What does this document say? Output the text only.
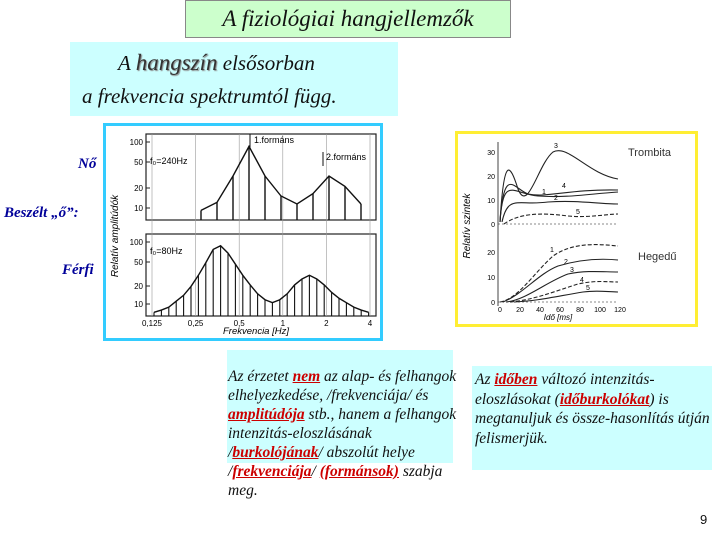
A fiziológiai hangjellemzők
A hangszín elsősorban
a frekvencia spektrumtól függ.
Relatív amplitúdók
100
50
20
10
100
50
20
10
1.formáns
2.formáns
f₀=240Hz
f₀=80Hz
0,125	0,25	0,5	1	2	4
Frekvencia [Hz]
Nő
Beszélt „ő”:
Férfi
Relatív szintek
30
20
10
0
20
10
0
3
4
1
2
5
1
2
3
4
5
Trombita
Hegedű
0 20 40 60 80 100 120
Idő [ms]
Az érzetet nem az alap- és felhangok elhelyezkedése, /frekvenciája/ és amplitúdója stb., hanem a felhangok intenzitás-eloszlásának /burkolójának/ abszolút helye /frekvenciája/ (formánsok) szabja meg.
Az időben változó intenzitás-eloszlásokat (időburkolókat) is megtanuljuk és össze-hasonlítás útján felismerjük.
9
